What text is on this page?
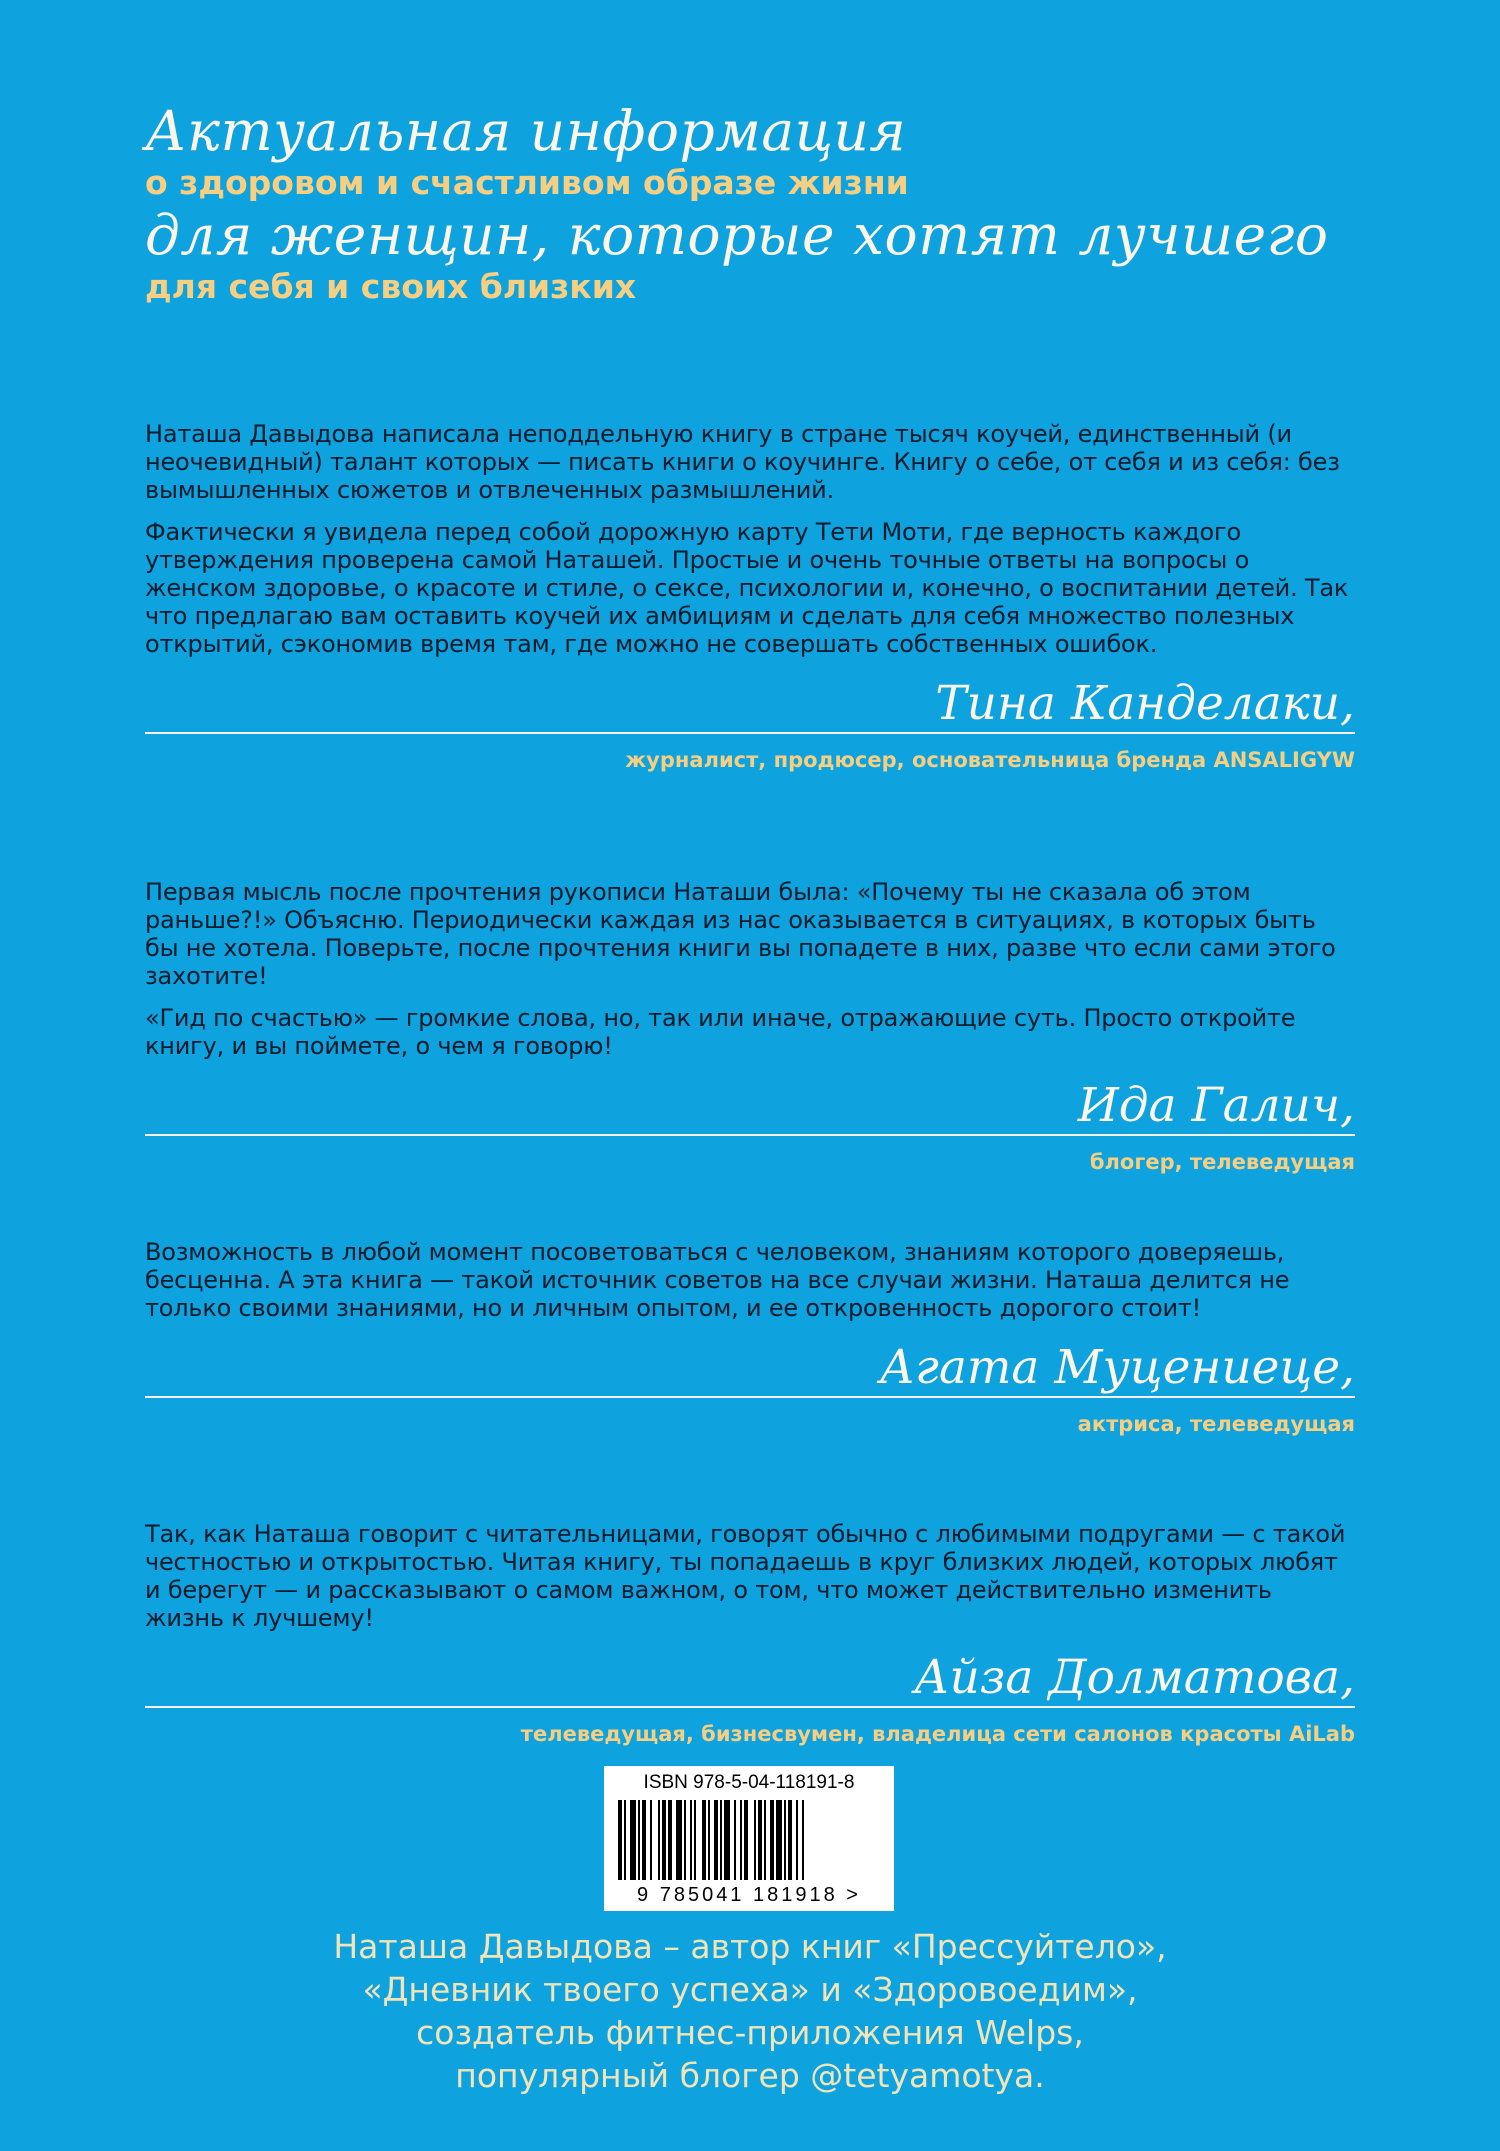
Актуальная информация

о здоровом и счастливом образе жизни

для женщин, которые хотят лучшего

для себя и своих близких

Наташа Давыдова написала неподдельную книгу в стране тысяч коучей, единственный (и неочевидный) талант которых — писать книги о коучинге. Книгу о себе, от себя и из себя: без вымышленных сюжетов и отвлеченных размышлений.

Фактически я увидела перед собой дорожную карту Тети Моти, где верность каждого утверждения проверена самой Наташей. Простые и очень точные ответы на вопросы о женском здоровье, о красоте и стиле, о сексе, психологии и, конечно, о воспитании детей. Так что предлагаю вам оставить коучей их амбициям и сделать для себя множество полезных открытий, сэкономив время там, где можно не совершать собственных ошибок.

Тина Канделаки,
журналист, продюсер, основательница бренда ANSALIGYW

Первая мысль после прочтения рукописи Наташи была: «Почему ты не сказала об этом раньше?!» Объясню. Периодически каждая из нас оказывается в ситуациях, в которых быть бы не хотела. Поверьте, после прочтения книги вы попадете в них, разве что если сами этого захотите!

«Гид по счастью» — громкие слова, но, так или иначе, отражающие суть. Просто откройте книгу, и вы поймете, о чем я говорю!

Ида Галич,
блогер, телеведущая

Возможность в любой момент посоветоваться с человеком, знаниям которого доверяешь, бесценна. А эта книга — такой источник советов на все случаи жизни. Наташа делится не только своими знаниями, но и личным опытом, и ее откровенность дорогого стоит!

Агата Муцениеце,
актриса, телеведущая

Так, как Наташа говорит с читательницами, говорят обычно с любимыми подругами — с такой честностью и открытостью. Читая книгу, ты попадаешь в круг близких людей, которых любят и берегут — и рассказывают о самом важном, о том, что может действительно изменить жизнь к лучшему!

Айза Долматова,
телеведущая, бизнесвумен, владелица сети салонов красоты AiLab
ISBN 978-5-04-118191-8
9 785041 181918 >
Наташа Давыдова – автор книг «Прессуйтело»,
«Дневник твоего успеха» и «Здоровоедим»,
создатель фитнес-приложения Welps,
популярный блогер @tetyamotya.
